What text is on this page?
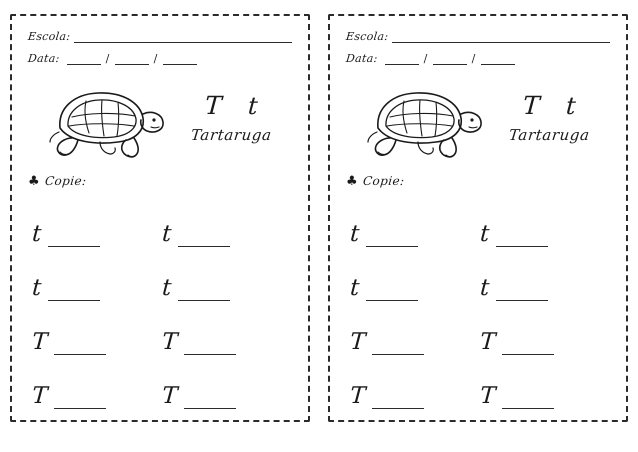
Escola:
Data:	/	/
T t
Tartaruga
♣ Copie:
t	t
t	t
T	T
T	T
Escola:
Data:	/	/
T t
Tartaruga
♣ Copie:
t	t
t	t
T	T
T	T
